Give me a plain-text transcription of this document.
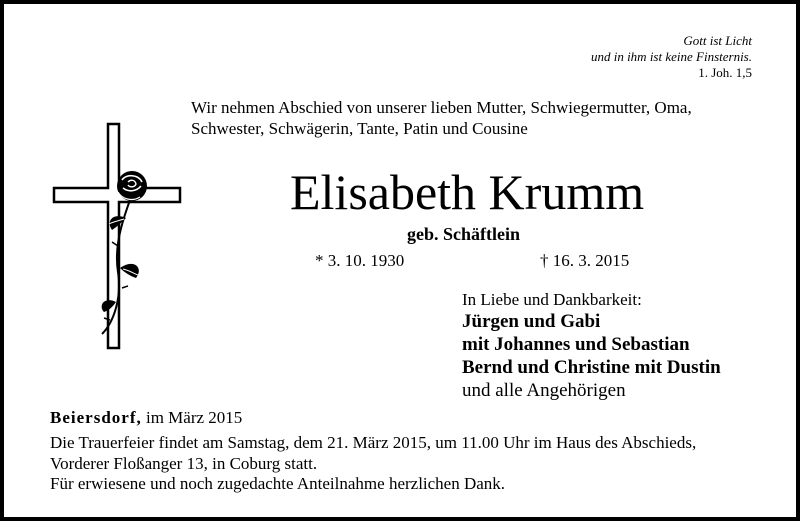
Gott ist Licht
und in ihm ist keine Finsternis.
1. Joh. 1,5
Wir nehmen Abschied von unserer lieben Mutter, Schwiegermutter, Oma,
Schwester, Schwägerin, Tante, Patin und Cousine
Elisabeth Krumm
geb. Schäftlein
* 3. 10. 1930	† 16. 3. 2015
In Liebe und Dankbarkeit:
Jürgen und Gabi
mit Johannes und Sebastian
Bernd und Christine mit Dustin
und alle Angehörigen
Beiersdorf, im März 2015
Die Trauerfeier findet am Samstag, dem 21. März 2015, um 11.00 Uhr im Haus des Abschieds,
Vorderer Floßanger 13, in Coburg statt.
Für erwiesene und noch zugedachte Anteilnahme herzlichen Dank.
